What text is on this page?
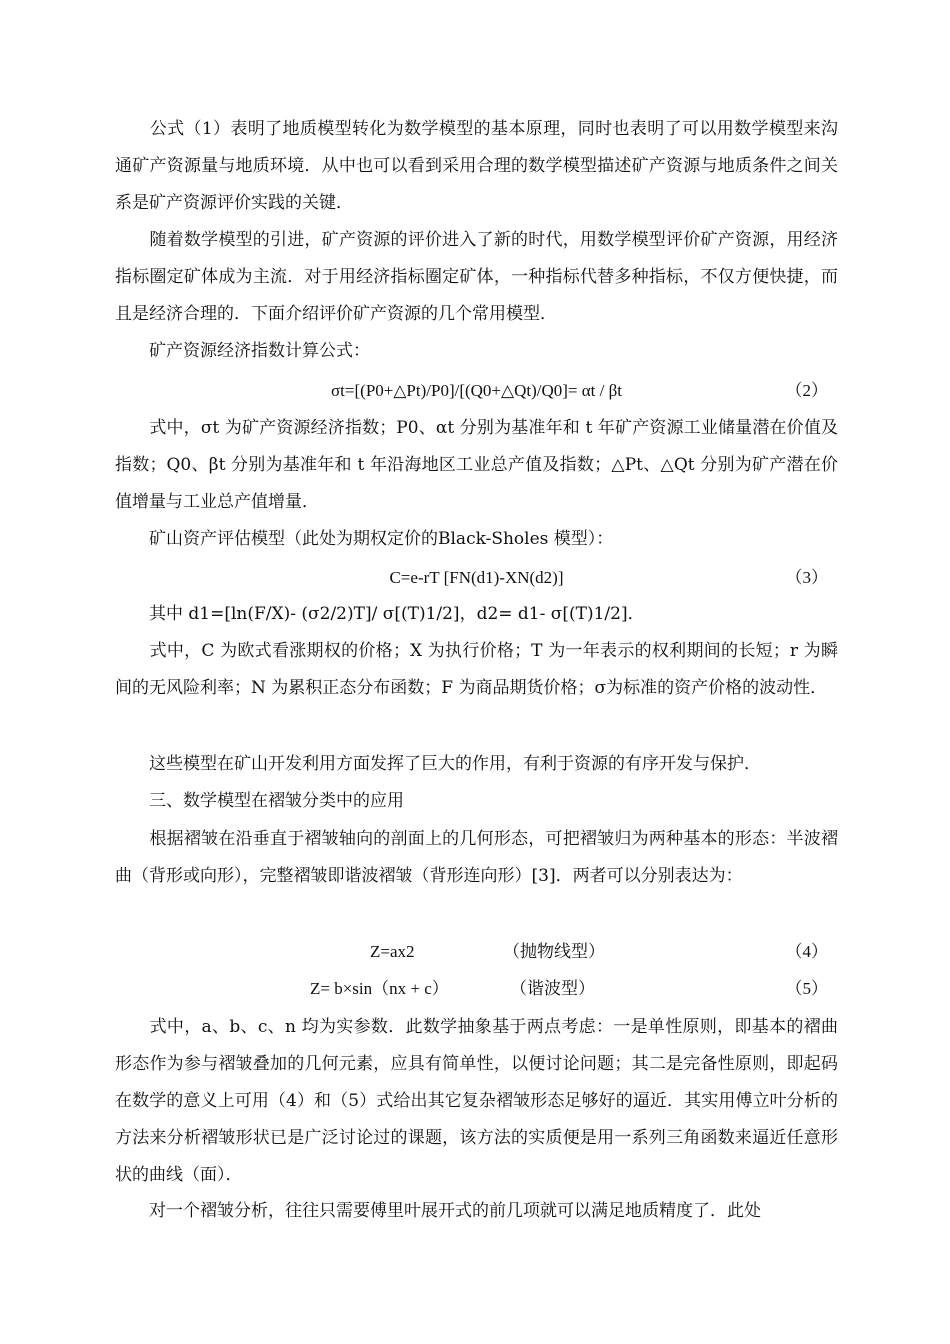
　　公式（1）表明了地质模型转化为数学模型的基本原理，同时也表明了可以用数学模型来沟通矿产资源量与地质环境．从中也可以看到采用合理的数学模型描述矿产资源与地质条件之间关系是矿产资源评价实践的关键．

　　随着数学模型的引进，矿产资源的评价进入了新的时代，用数学模型评价矿产资源，用经济指标圈定矿体成为主流．对于用经济指标圈定矿体，一种指标代替多种指标，不仅方便快捷，而且是经济合理的．下面介绍评价矿产资源的几个常用模型．

　　矿产资源经济指数计算公式：
σt=[(P0+△Pt)/P0]/[(Q0+△Qt)/Q0]= αt / βt	（2）

　　式中，σt 为矿产资源经济指数；P0、αt 分别为基准年和 t 年矿产资源工业储量潜在价值及指数；Q0、βt 分别为基准年和 t 年沿海地区工业总产值及指数；△Pt、△Qt 分别为矿产潜在价值增量与工业总产值增量．

　　矿山资产评估模型（此处为期权定价的Black-Sholes 模型）：
C=e-rT [FN(d1)-XN(d2)]	（3）
　　其中 d1=[ln(F/X)- (σ2/2)T]/ σ[(T)1/2]，d2= d1- σ[(T)1/2]．

　　式中，C 为欧式看涨期权的价格；X 为执行价格；T 为一年表示的权利期间的长短；r 为瞬间的无风险利率；N 为累积正态分布函数；F 为商品期货价格；σ为标准的资产价格的波动性．

　　这些模型在矿山开发利用方面发挥了巨大的作用，有利于资源的有序开发与保护．
　　三、数学模型在褶皱分类中的应用

　　根据褶皱在沿垂直于褶皱轴向的剖面上的几何形态，可把褶皱归为两种基本的形态：半波褶曲（背形或向形），完整褶皱即谐波褶皱（背形连向形）[3]．两者可以分别表达为：

Z=ax2	（抛物线型）	（4）
Z= b×sin（nx + c）	（谐波型）	（5）

　　式中，a、b、c、n 均为实参数．此数学抽象基于两点考虑：一是单性原则，即基本的褶曲形态作为参与褶皱叠加的几何元素，应具有简单性，以便讨论问题；其二是完备性原则，即起码在数学的意义上可用（4）和（5）式给出其它复杂褶皱形态足够好的逼近．其实用傅立叶分析的方法来分析褶皱形状已是广泛讨论过的课题，该方法的实质便是用一系列三角函数来逼近任意形状的曲线（面）．

　　对一个褶皱分析，往往只需要傅里叶展开式的前几项就可以满足地质精度了．此处
